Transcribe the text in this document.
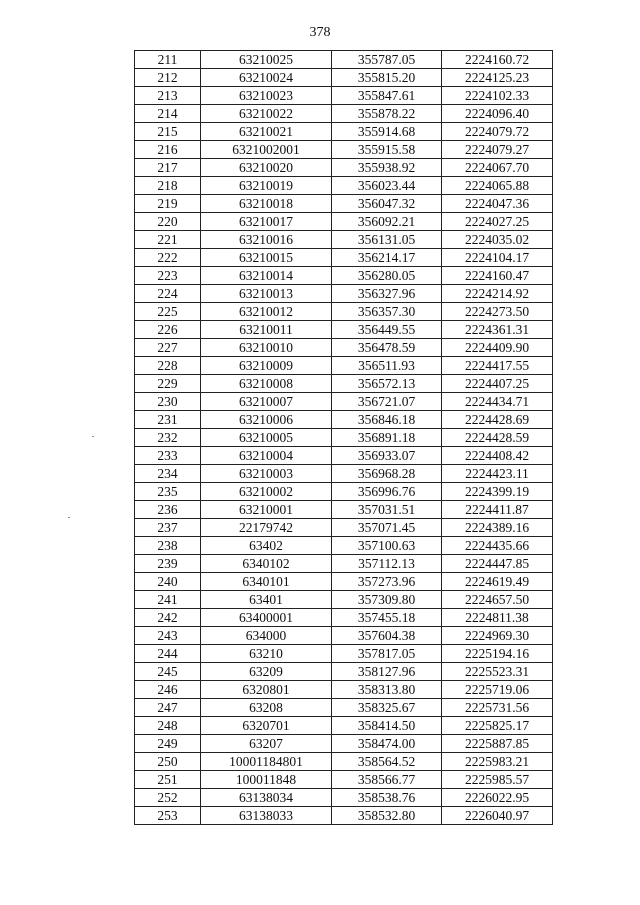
378
211	63210025	355787.05	2224160.72
212	63210024	355815.20	2224125.23
213	63210023	355847.61	2224102.33
214	63210022	355878.22	2224096.40
215	63210021	355914.68	2224079.72
216	6321002001	355915.58	2224079.27
217	63210020	355938.92	2224067.70
218	63210019	356023.44	2224065.88
219	63210018	356047.32	2224047.36
220	63210017	356092.21	2224027.25
221	63210016	356131.05	2224035.02
222	63210015	356214.17	2224104.17
223	63210014	356280.05	2224160.47
224	63210013	356327.96	2224214.92
225	63210012	356357.30	2224273.50
226	63210011	356449.55	2224361.31
227	63210010	356478.59	2224409.90
228	63210009	356511.93	2224417.55
229	63210008	356572.13	2224407.25
230	63210007	356721.07	2224434.71
231	63210006	356846.18	2224428.69
232	63210005	356891.18	2224428.59
233	63210004	356933.07	2224408.42
234	63210003	356968.28	2224423.11
235	63210002	356996.76	2224399.19
236	63210001	357031.51	2224411.87
237	22179742	357071.45	2224389.16
238	63402	357100.63	2224435.66
239	6340102	357112.13	2224447.85
240	6340101	357273.96	2224619.49
241	63401	357309.80	2224657.50
242	63400001	357455.18	2224811.38
243	634000	357604.38	2224969.30
244	63210	357817.05	2225194.16
245	63209	358127.96	2225523.31
246	6320801	358313.80	2225719.06
247	63208	358325.67	2225731.56
248	6320701	358414.50	2225825.17
249	63207	358474.00	2225887.85
250	10001184801	358564.52	2225983.21
251	100011848	358566.77	2225985.57
252	63138034	358538.76	2226022.95
253	63138033	358532.80	2226040.97
